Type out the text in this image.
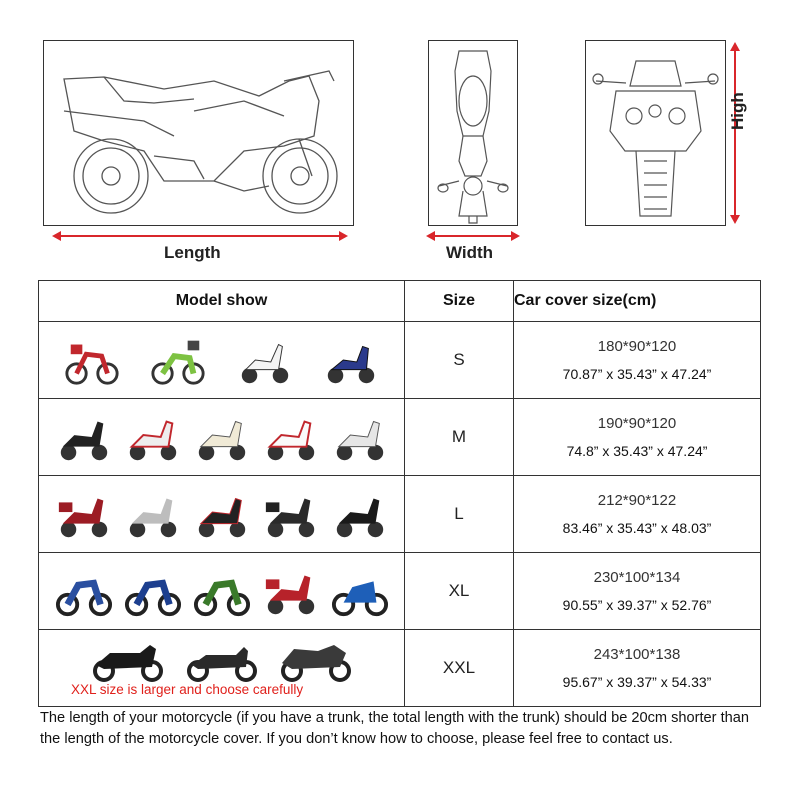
Length	Width
High
Model show	Size	Car cover size(cm)

	S	180*90*120
70.87” x 35.43” x 47.24”

	M	190*90*120
74.8” x 35.43” x 47.24”

	L	212*90*122
83.46” x 35.43” x 48.03”

	XL	230*100*134
90.55” x 39.37” x 52.76”

XXL size is larger and choose carefully	XXL	243*100*138
95.67” x 39.37” x 54.33”
The length of your motorcycle (if you have a trunk, the total length with the trunk) should be 20cm shorter than the length of the motorcycle cover. If you don’t know how to choose, please feel free to contact us.
